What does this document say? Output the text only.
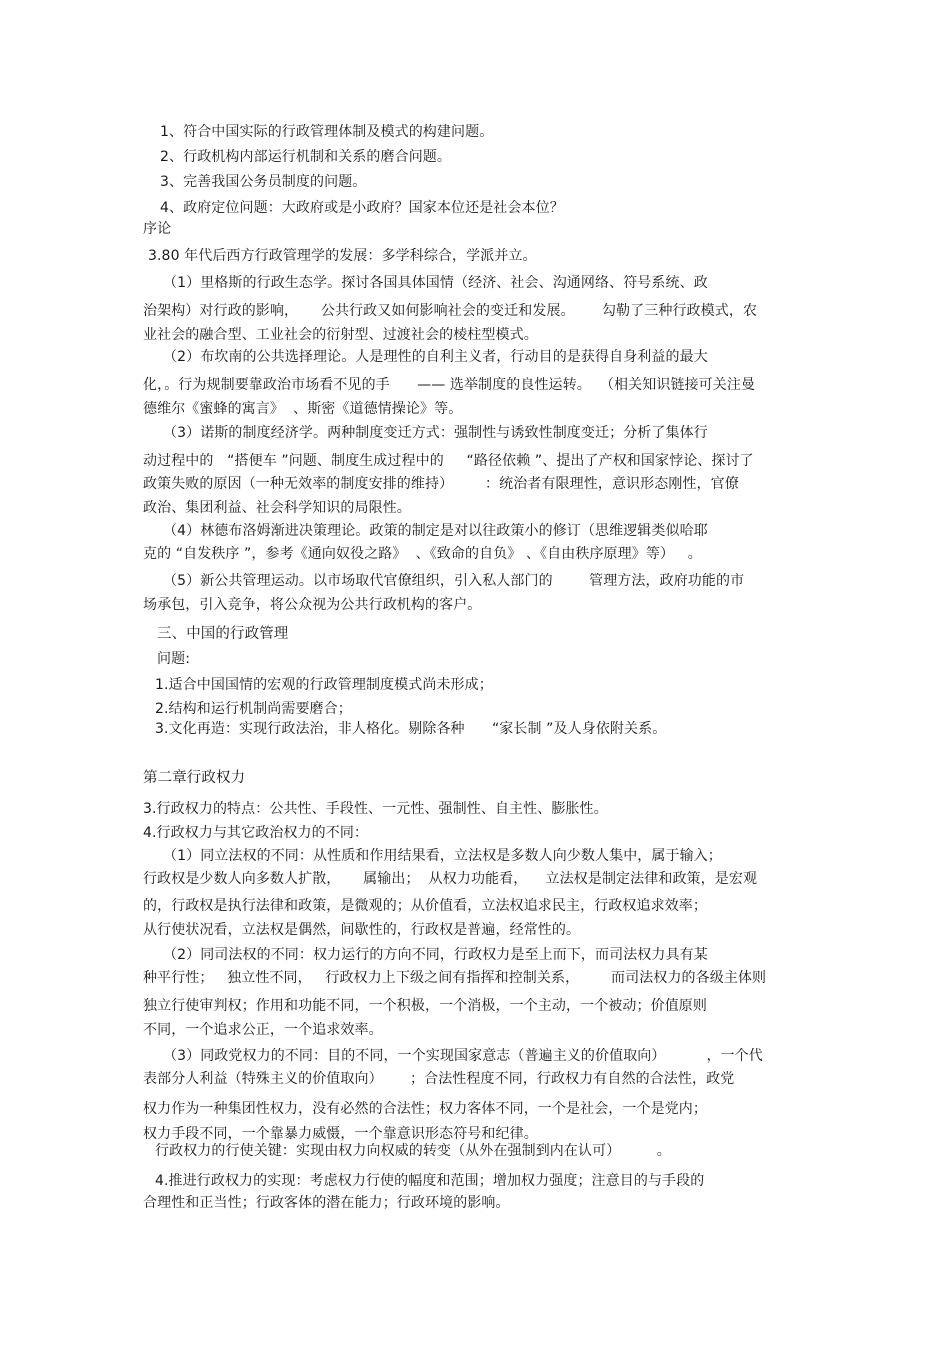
1、符合中国实际的行政管理体制及模式的构建问题。
2、行政机构内部运行机制和关系的磨合问题。
3、完善我国公务员制度的问题。
4、政府定位问题：大政府或是小政府？国家本位还是社会本位？
序论
3.80 年代后西方行政管理学的发展：多学科综合，学派并立。
（1）里格斯的行政生态学。探讨各国具体国情（经济、社会、沟通网络、符号系统、政
治架构）对行政的影响，     公共行政又如何影响社会的变迁和发展。      勾勒了三种行政模式，农
业社会的融合型、工业社会的衍射型、过渡社会的棱柱型模式。
（2）布坎南的公共选择理论。人是理性的自利主义者，行动目的是获得自身利益的最大
化，。行为规制要靠政治市场看不见的手      —— 选举制度的良性运转。  （相关知识链接可关注曼
德维尔《蜜蜂的寓言》  、斯密《道德情操论》等。
（3）诺斯的制度经济学。两种制度变迁方式：强制性与诱致性制度变迁；分析了集体行
动过程中的   “搭便车 ”问题、制度生成过程中的     “路径依赖 ”、提出了产权和国家悖论、探讨了
政策失败的原因（一种无效率的制度安排的维持）       ：统治者有限理性，意识形态刚性，官僚
政治、集团利益、社会科学知识的局限性。
（4）林德布洛姆渐进决策理论。政策的制定是对以往政策小的修订（思维逻辑类似哈耶
克的 “自发秩序 ”，参考《通向奴役之路》  、《致命的自负》 、《自由秩序原理》等）   。
（5）新公共管理运动。以市场取代官僚组织，引入私人部门的        管理方法，政府功能的市
场承包，引入竞争，将公众视为公共行政机构的客户。
三、中国的行政管理
问题:
1.适合中国国情的宏观的行政管理制度模式尚未形成；
2.结构和运行机制尚需要磨合；
3.文化再造：实现行政法治，非人格化。剔除各种      “家长制 ”及人身依附关系。
第二章行政权力
3.行政权力的特点：公共性、手段性、一元性、强制性、自主性、膨胀性。
4.行政权力与其它政治权力的不同：
（1）同立法权的不同：从性质和作用结果看，立法权是多数人向少数人集中，属于输入；
行政权是少数人向多数人扩散，     属输出；  从权力功能看，    立法权是制定法律和政策，是宏观
的，行政权是执行法律和政策，是微观的；从价值看，立法权追求民主，行政权追求效率；
从行使状况看，立法权是偶然，间歇性的，行政权是普遍，经常性的。
（2）同司法权的不同：权力运行的方向不同，行政权力是至上而下，而司法权力具有某
种平行性；   独立性不同，   行政权力上下级之间有指挥和控制关系，       而司法权力的各级主体则
独立行使审判权；作用和功能不同，一个积极，一个消极，一个主动，一个被动；价值原则
不同，一个追求公正，一个追求效率。
（3）同政党权力的不同：目的不同，一个实现国家意志（普遍主义的价值取向）         ，一个代
表部分人利益（特殊主义的价值取向）      ；合法性程度不同，行政权力有自然的合法性，政党
权力作为一种集团性权力，没有必然的合法性；权力客体不同，一个是社会，一个是党内；
权力手段不同，一个靠暴力威慑，一个靠意识形态符号和纪律。
行政权力的行使关键：实现由权力向权威的转变（从外在强制到内在认可）        。
4.推进行政权力的实现：考虑权力行使的幅度和范围；增加权力强度；注意目的与手段的
合理性和正当性；行政客体的潜在能力；行政环境的影响。
